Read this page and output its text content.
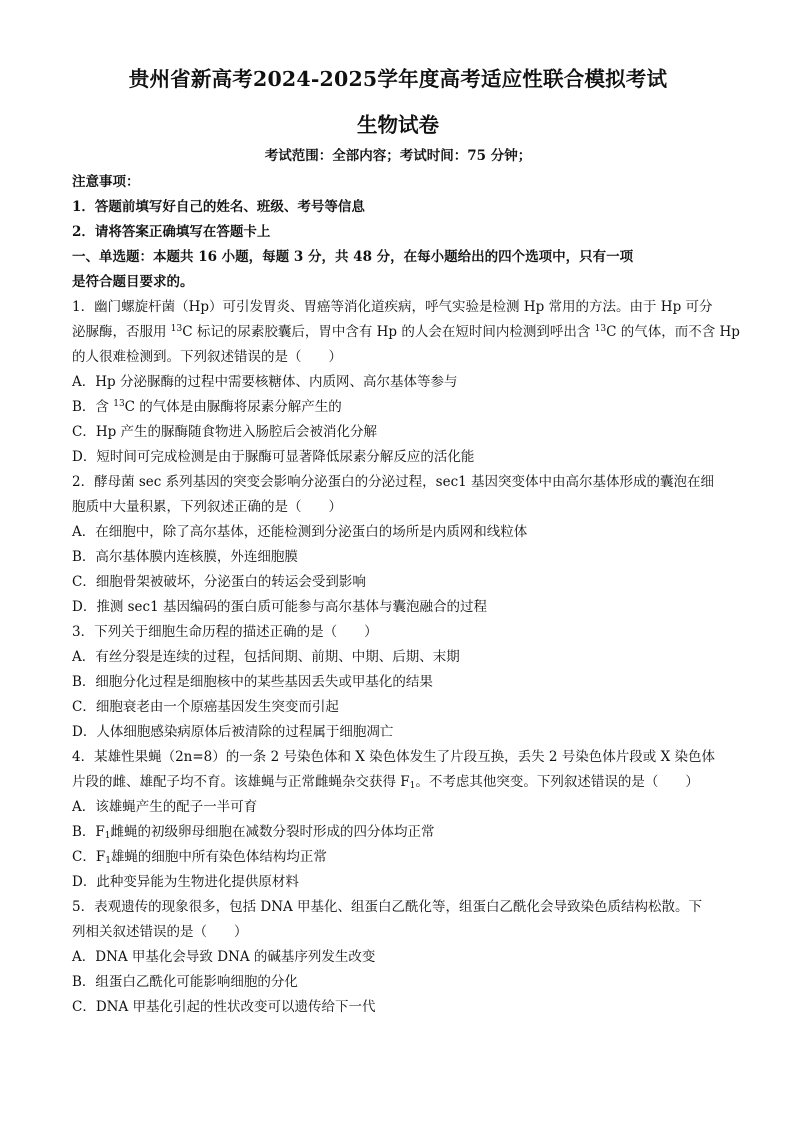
贵州省新高考2024-2025学年度高考适应性联合模拟考试
生物试卷
考试范围：全部内容；考试时间：75 分钟；
注意事项：
1．答题前填写好自己的姓名、班级、考号等信息
2．请将答案正确填写在答题卡上
一、单选题：本题共 16 小题，每题 3 分，共 48 分，在每小题给出的四个选项中，只有一项
是符合题目要求的。
1．幽门螺旋杆菌（Hp）可引发胃炎、胃癌等消化道疾病，呼气实验是检测 Hp 常用的方法。由于 Hp 可分
泌脲酶，否服用 $^{13}$C 标记的尿素胶囊后，胃中含有 Hp 的人会在短时间内检测到呼出含 $^{13}$C 的气体，而不含 Hp
的人很难检测到。下列叙述错误的是（　　）
A．Hp 分泌脲酶的过程中需要核糖体、内质网、高尔基体等参与
B．含 $^{13}$C 的气体是由脲酶将尿素分解产生的
C．Hp 产生的脲酶随食物进入肠腔后会被消化分解
D．短时间可完成检测是由于脲酶可显著降低尿素分解反应的活化能
2．酵母菌 sec 系列基因的突变会影响分泌蛋白的分泌过程，sec1 基因突变体中由高尔基体形成的囊泡在细
胞质中大量积累，下列叙述正确的是（　　）
A．在细胞中，除了高尔基体，还能检测到分泌蛋白的场所是内质网和线粒体
B．高尔基体膜内连核膜，外连细胞膜
C．细胞骨架被破坏，分泌蛋白的转运会受到影响
D．推测 sec1 基因编码的蛋白质可能参与高尔基体与囊泡融合的过程
3．下列关于细胞生命历程的描述正确的是（　　）
A．有丝分裂是连续的过程，包括间期、前期、中期、后期、末期
B．细胞分化过程是细胞核中的某些基因丢失或甲基化的结果
C．细胞衰老由一个原癌基因发生突变而引起
D．人体细胞感染病原体后被清除的过程属于细胞凋亡
4．某雄性果蝇（2n=8）的一条 2 号染色体和 X 染色体发生了片段互换，丢失 2 号染色体片段或 X 染色体
片段的雌、雄配子均不育。该雄蝇与正常雌蝇杂交获得 $F_1$。不考虑其他突变。下列叙述错误的是（　　）
A．该雄蝇产生的配子一半可育
B．$F_1$雌蝇的初级卵母细胞在减数分裂时形成的四分体均正常
C．$F_1$雄蝇的细胞中所有染色体结构均正常
D．此种变异能为生物进化提供原材料
5．表观遗传的现象很多，包括 DNA 甲基化、组蛋白乙酰化等，组蛋白乙酰化会导致染色质结构松散。下
列相关叙述错误的是（　　）
A．DNA 甲基化会导致 DNA 的碱基序列发生改变
B．组蛋白乙酰化可能影响细胞的分化
C．DNA 甲基化引起的性状改变可以遗传给下一代
